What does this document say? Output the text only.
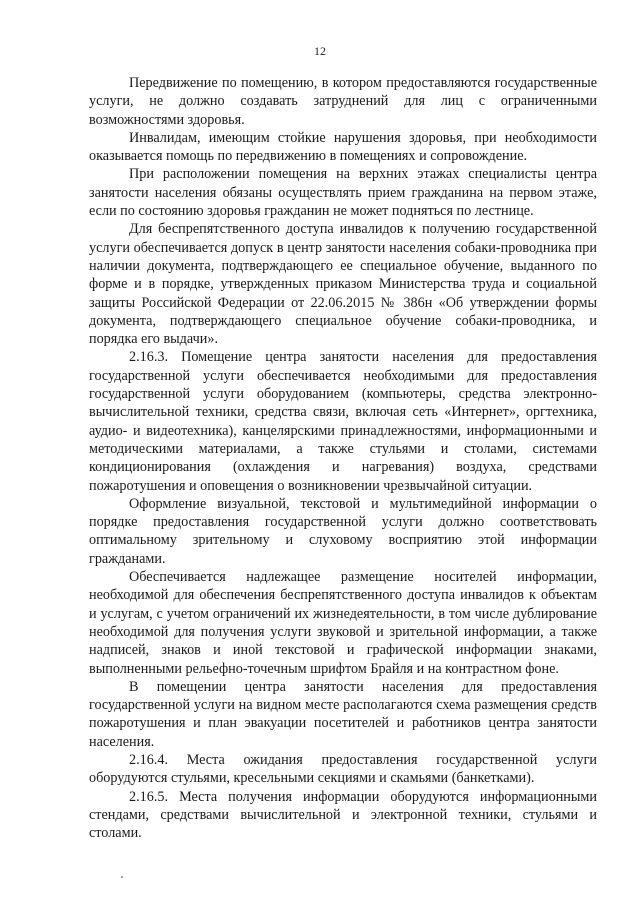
12

Передвижение по помещению, в котором предоставляются государственные услуги, не должно создавать затруднений для лиц с ограниченными возможностями здоровья.

Инвалидам, имеющим стойкие нарушения здоровья, при необходимости оказывается помощь по передвижению в помещениях и сопровождение.

При расположении помещения на верхних этажах специалисты центра занятости населения обязаны осуществлять прием гражданина на первом этаже, если по состоянию здоровья гражданин не может подняться по лестнице.

Для беспрепятственного доступа инвалидов к получению государственной услуги обеспечивается допуск в центр занятости населения собаки-проводника при наличии документа, подтверждающего ее специальное обучение, выданного по форме и в порядке, утвержденных приказом Министерства труда и социальной защиты Российской Федерации от 22.06.2015 № 386н «Об утверждении формы документа, подтверждающего специальное обучение собаки-проводника, и порядка его выдачи».

2.16.3. Помещение центра занятости населения для предоставления государственной услуги обеспечивается необходимыми для предоставления государственной услуги оборудованием (компьютеры, средства электронно-вычислительной техники, средства связи, включая сеть «Интернет», оргтехника, аудио- и видеотехника), канцелярскими принадлежностями, информационными и методическими материалами, а также стульями и столами, системами кондиционирования (охлаждения и нагревания) воздуха, средствами пожаротушения и оповещения о возникновении чрезвычайной ситуации.

Оформление визуальной, текстовой и мультимедийной информации о порядке предоставления государственной услуги должно соответствовать оптимальному зрительному и слуховому восприятию этой информации гражданами.

Обеспечивается надлежащее размещение носителей информации, необходимой для обеспечения беспрепятственного доступа инвалидов к объектам и услугам, с учетом ограничений их жизнедеятельности, в том числе дублирование необходимой для получения услуги звуковой и зрительной информации, а также надписей, знаков и иной текстовой и графической информации знаками, выполненными рельефно-точечным шрифтом Брайля и на контрастном фоне.

В помещении центра занятости населения для предоставления государственной услуги на видном месте располагаются схема размещения средств пожаротушения и план эвакуации посетителей и работников центра занятости населения.

2.16.4. Места ожидания предоставления государственной услуги оборудуются стульями, кресельными секциями и скамьями (банкетками).

2.16.5. Места получения информации оборудуются информационными стендами, средствами вычислительной и электронной техники, стульями и столами.
